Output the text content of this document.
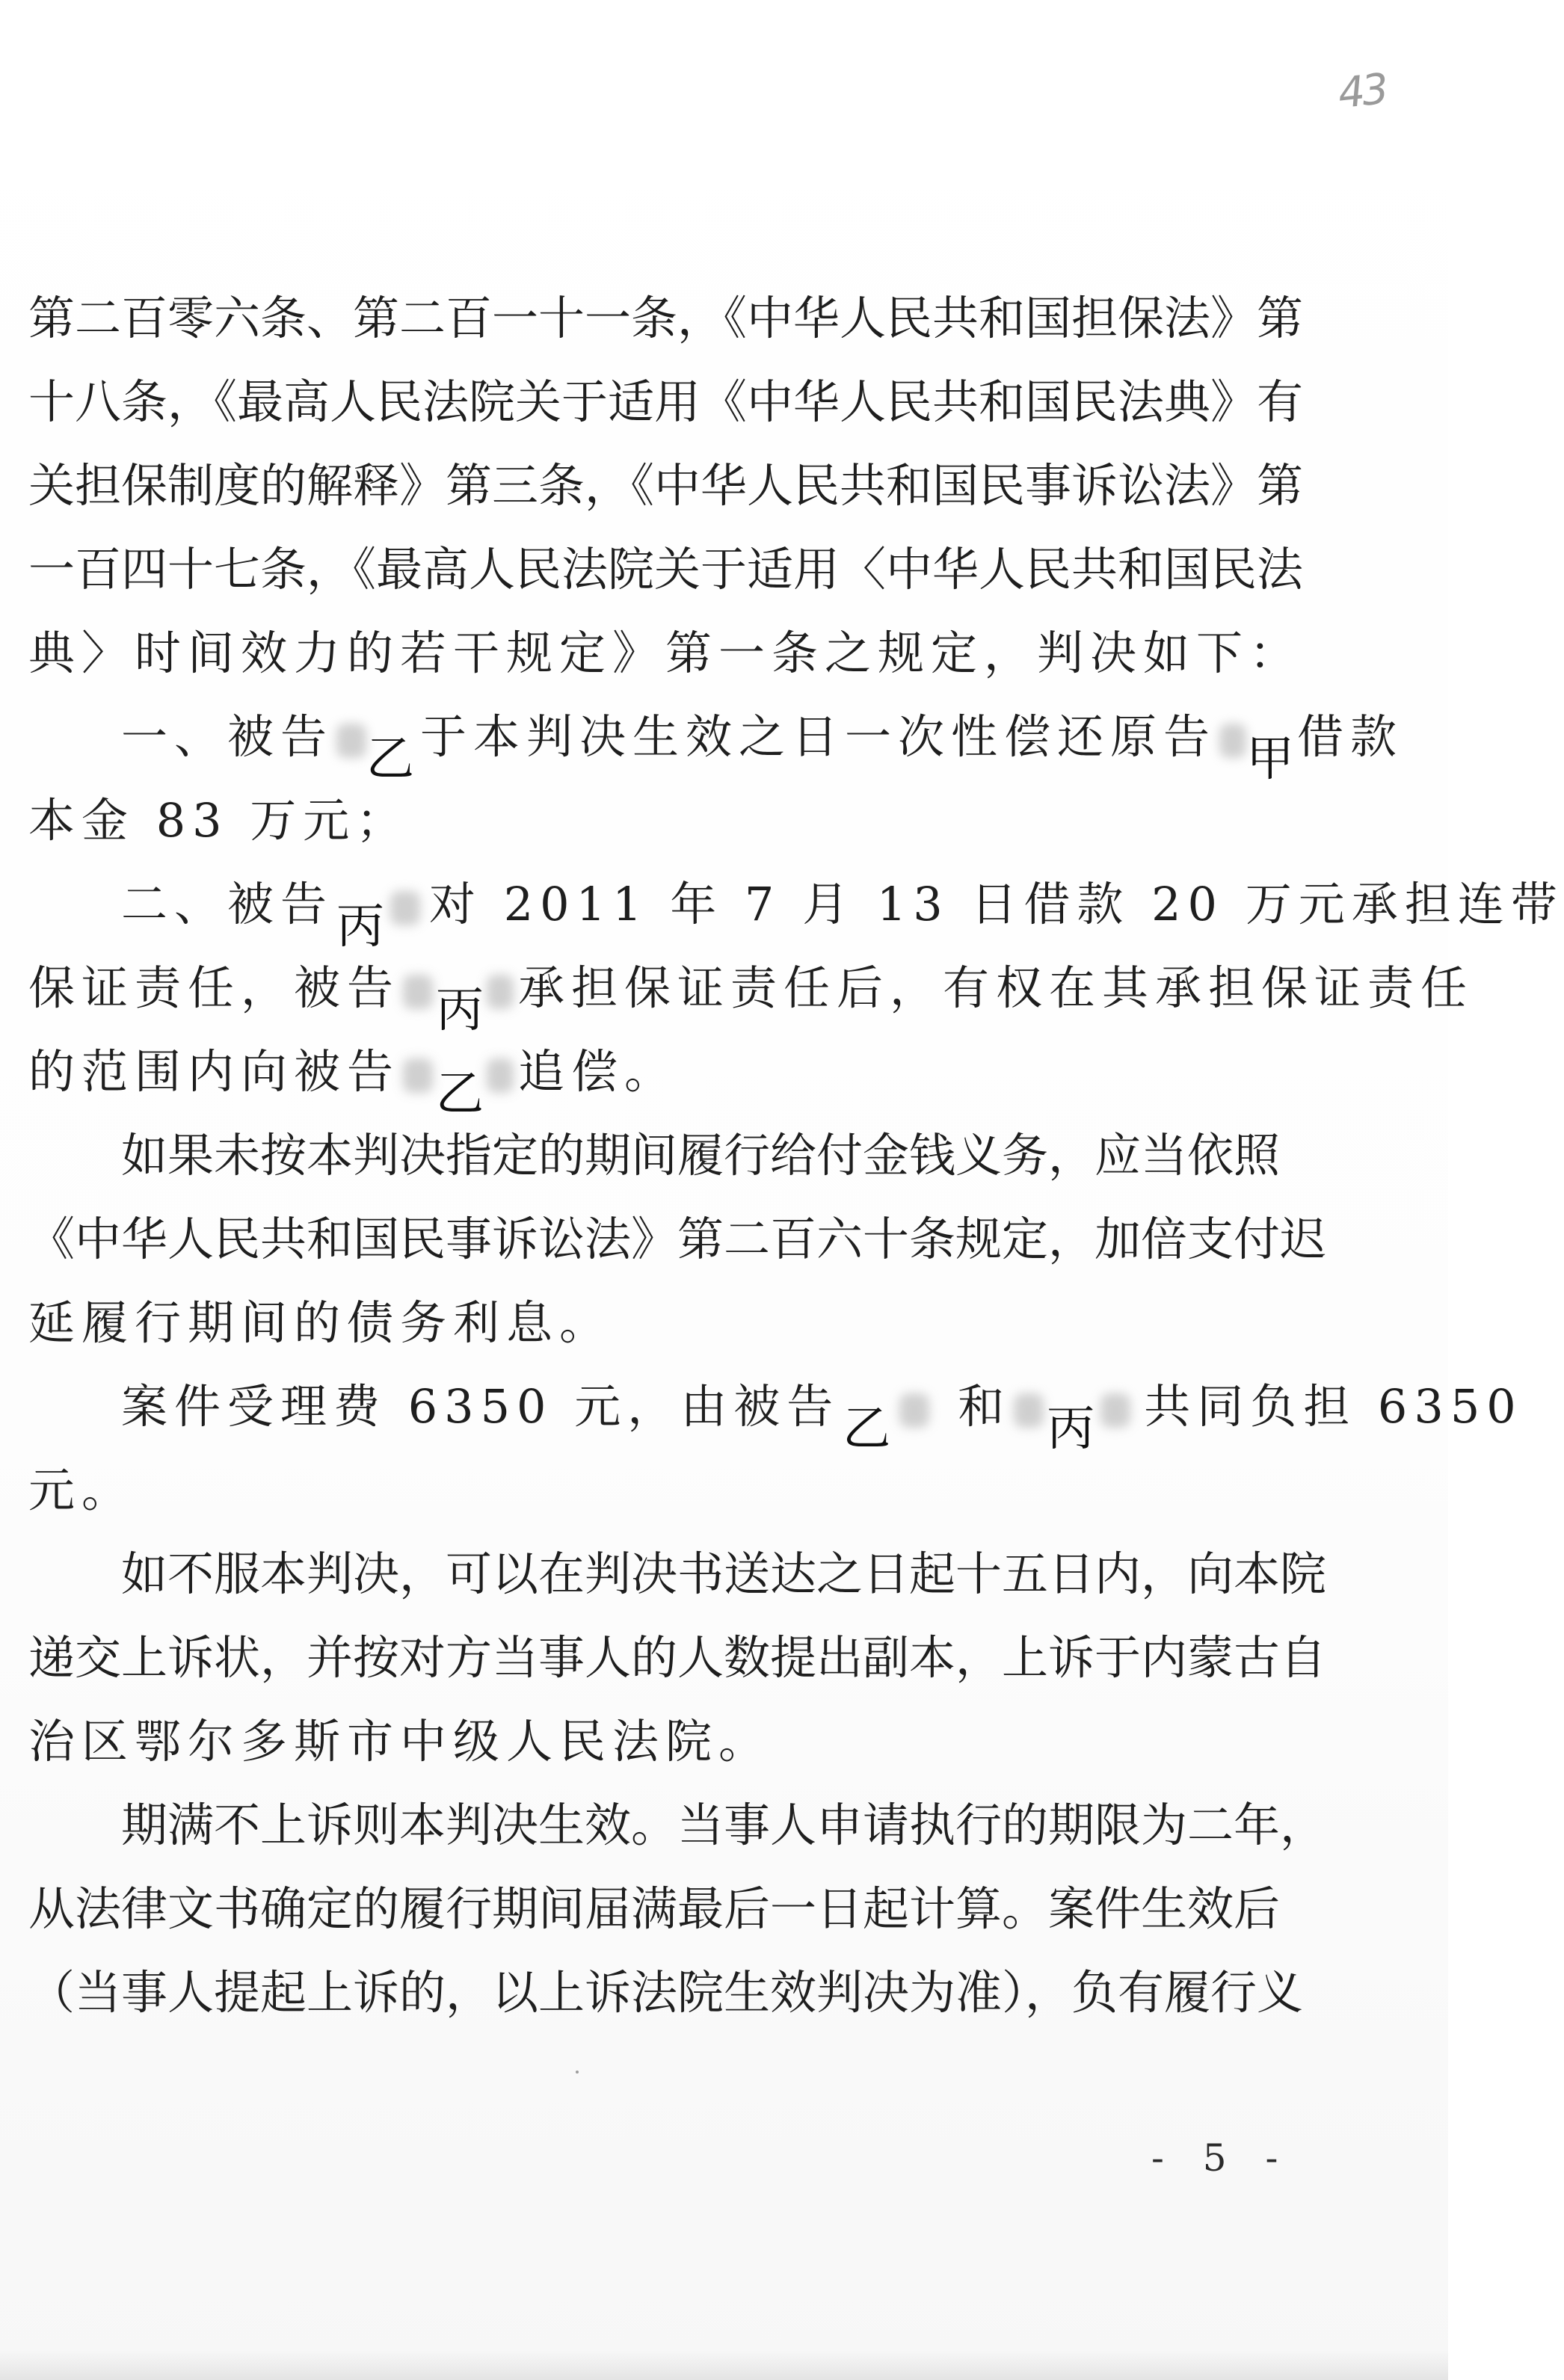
43
第二百零六条、第二百一十一条，《中华人民共和国担保法》第
十八条，《最高人民法院关于适用《中华人民共和国民法典》有
关担保制度的解释》第三条，《中华人民共和国民事诉讼法》第
一百四十七条，《最高人民法院关于适用〈中华人民共和国民法
典〉时间效力的若干规定》第一条之规定，判决如下：
一、被告 乙 于本判决生效之日一次性偿还原告 甲借款
本金 83 万元；
二、被告丙 对 2011 年 7 月 13 日借款 20 万元承担连带
保证责任，被告 丙 承担保证责任后，有权在其承担保证责任
的范围内向被告 乙 追偿。
如果未按本判决指定的期间履行给付金钱义务，应当依照
《中华人民共和国民事诉讼法》第二百六十条规定，加倍支付迟
延履行期间的债务利息。
案件受理费 6350 元，由被告乙 和 丙 共同负担 6350
元。
如不服本判决，可以在判决书送达之日起十五日内，向本院
递交上诉状，并按对方当事人的人数提出副本，上诉于内蒙古自
治区鄂尔多斯市中级人民法院。
期满不上诉则本判决生效。当事人申请执行的期限为二年，
从法律文书确定的履行期间届满最后一日起计算。案件生效后
（当事人提起上诉的，以上诉法院生效判决为准），负有履行义
- 5 -
